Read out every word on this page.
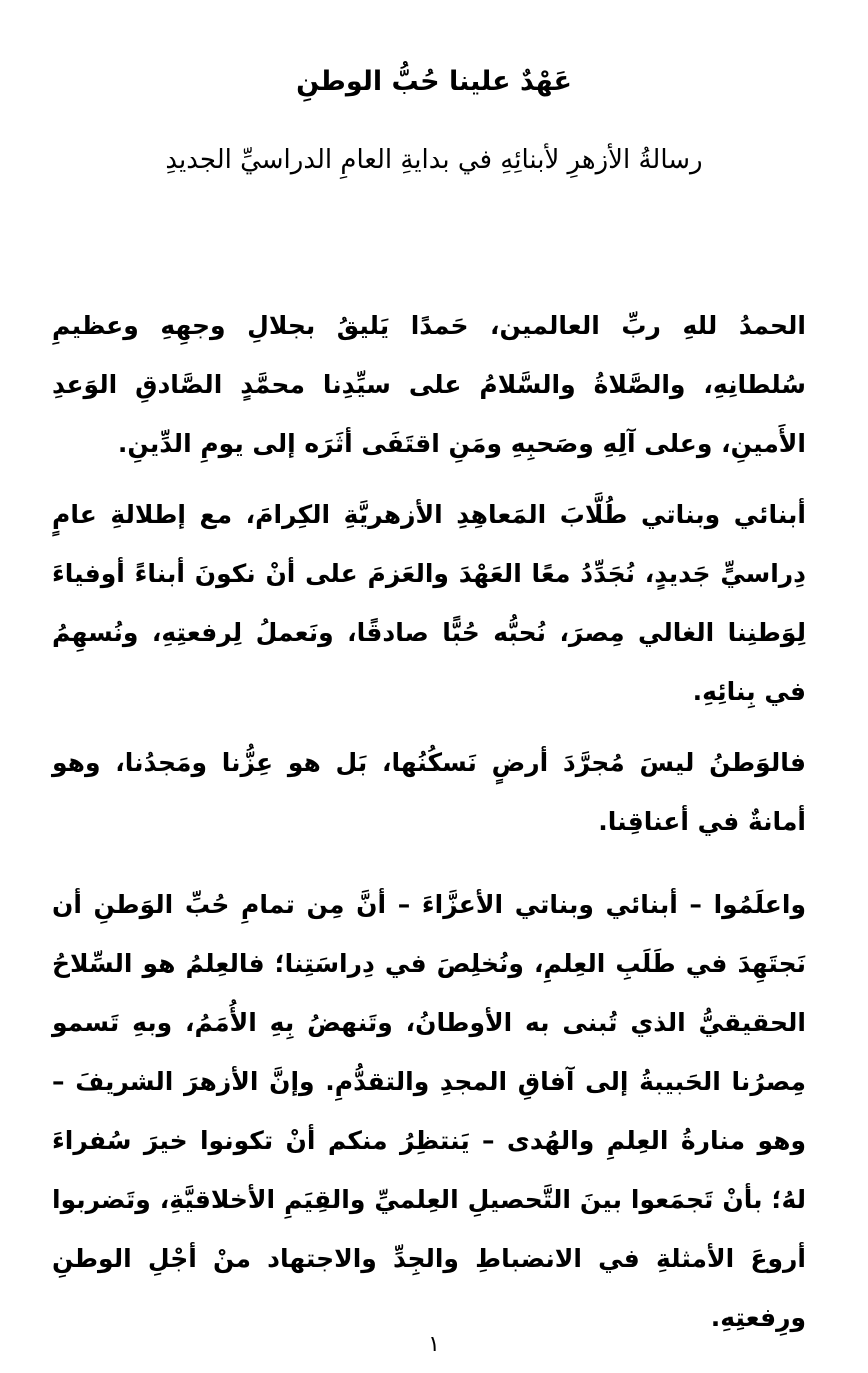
عَهْدٌ علينا حُبُّ الوطنِ
رسالةُ الأزهرِ لأبنائِهِ في بدايةِ العامِ الدراسيِّ الجديدِ

الحمدُ للهِ ربِّ العالمين، حَمدًا يَليقُ بجلالِ وجهِهِ وعظيمِ سُلطانِهِ، والصَّلاةُ والسَّلامُ على سيِّدِنا محمَّدٍ الصَّادقِ الوَعدِ الأَمينِ، وعلى آلِهِ وصَحبِهِ ومَنِ اقتَفَى أثَرَه إلى يومِ الدِّينِ.

أبنائي وبناتي طُلَّابَ المَعاهِدِ الأزهريَّةِ الكِرامَ، مع إطلالةِ عامٍ دِراسيٍّ جَديدٍ، نُجَدِّدُ معًا العَهْدَ والعَزمَ على أنْ نكونَ أبناءً أوفياءَ لِوَطنِنا الغالي مِصرَ، نُحبُّه حُبًّا صادقًا، ونَعملُ لِرفعتِهِ، ونُسهِمُ في بِنائِهِ.

فالوَطنُ ليسَ مُجرَّدَ أرضٍ نَسكُنُها، بَل هو عِزُّنا ومَجدُنا، وهو أمانةٌ في أعناقِنا.

واعلَمُوا – أبنائي وبناتي الأعزَّاءَ – أنَّ مِن تمامِ حُبِّ الوَطنِ أن نَجتَهِدَ في طَلَبِ العِلمِ، ونُخلِصَ في دِراسَتِنا؛ فالعِلمُ هو السِّلاحُ الحقيقيُّ الذي تُبنى به الأوطانُ، وتَنهضُ بِهِ الأُمَمُ، وبهِ تَسمو مِصرُنا الحَبيبةُ إلى آفاقِ المجدِ والتقدُّمِ. وإنَّ الأزهرَ الشريفَ – وهو منارةُ العِلمِ والهُدى – يَنتظِرُ منكم أنْ تكونوا خيرَ سُفراءَ لهُ؛ بأنْ تَجمَعوا بينَ التَّحصيلِ العِلميِّ والقِيَمِ الأخلاقيَّةِ، وتَضربوا أروعَ الأمثلةِ في الانضباطِ والجِدِّ والاجتهاد منْ أجْلِ الوطنِ ورِفعتِهِ.

١
